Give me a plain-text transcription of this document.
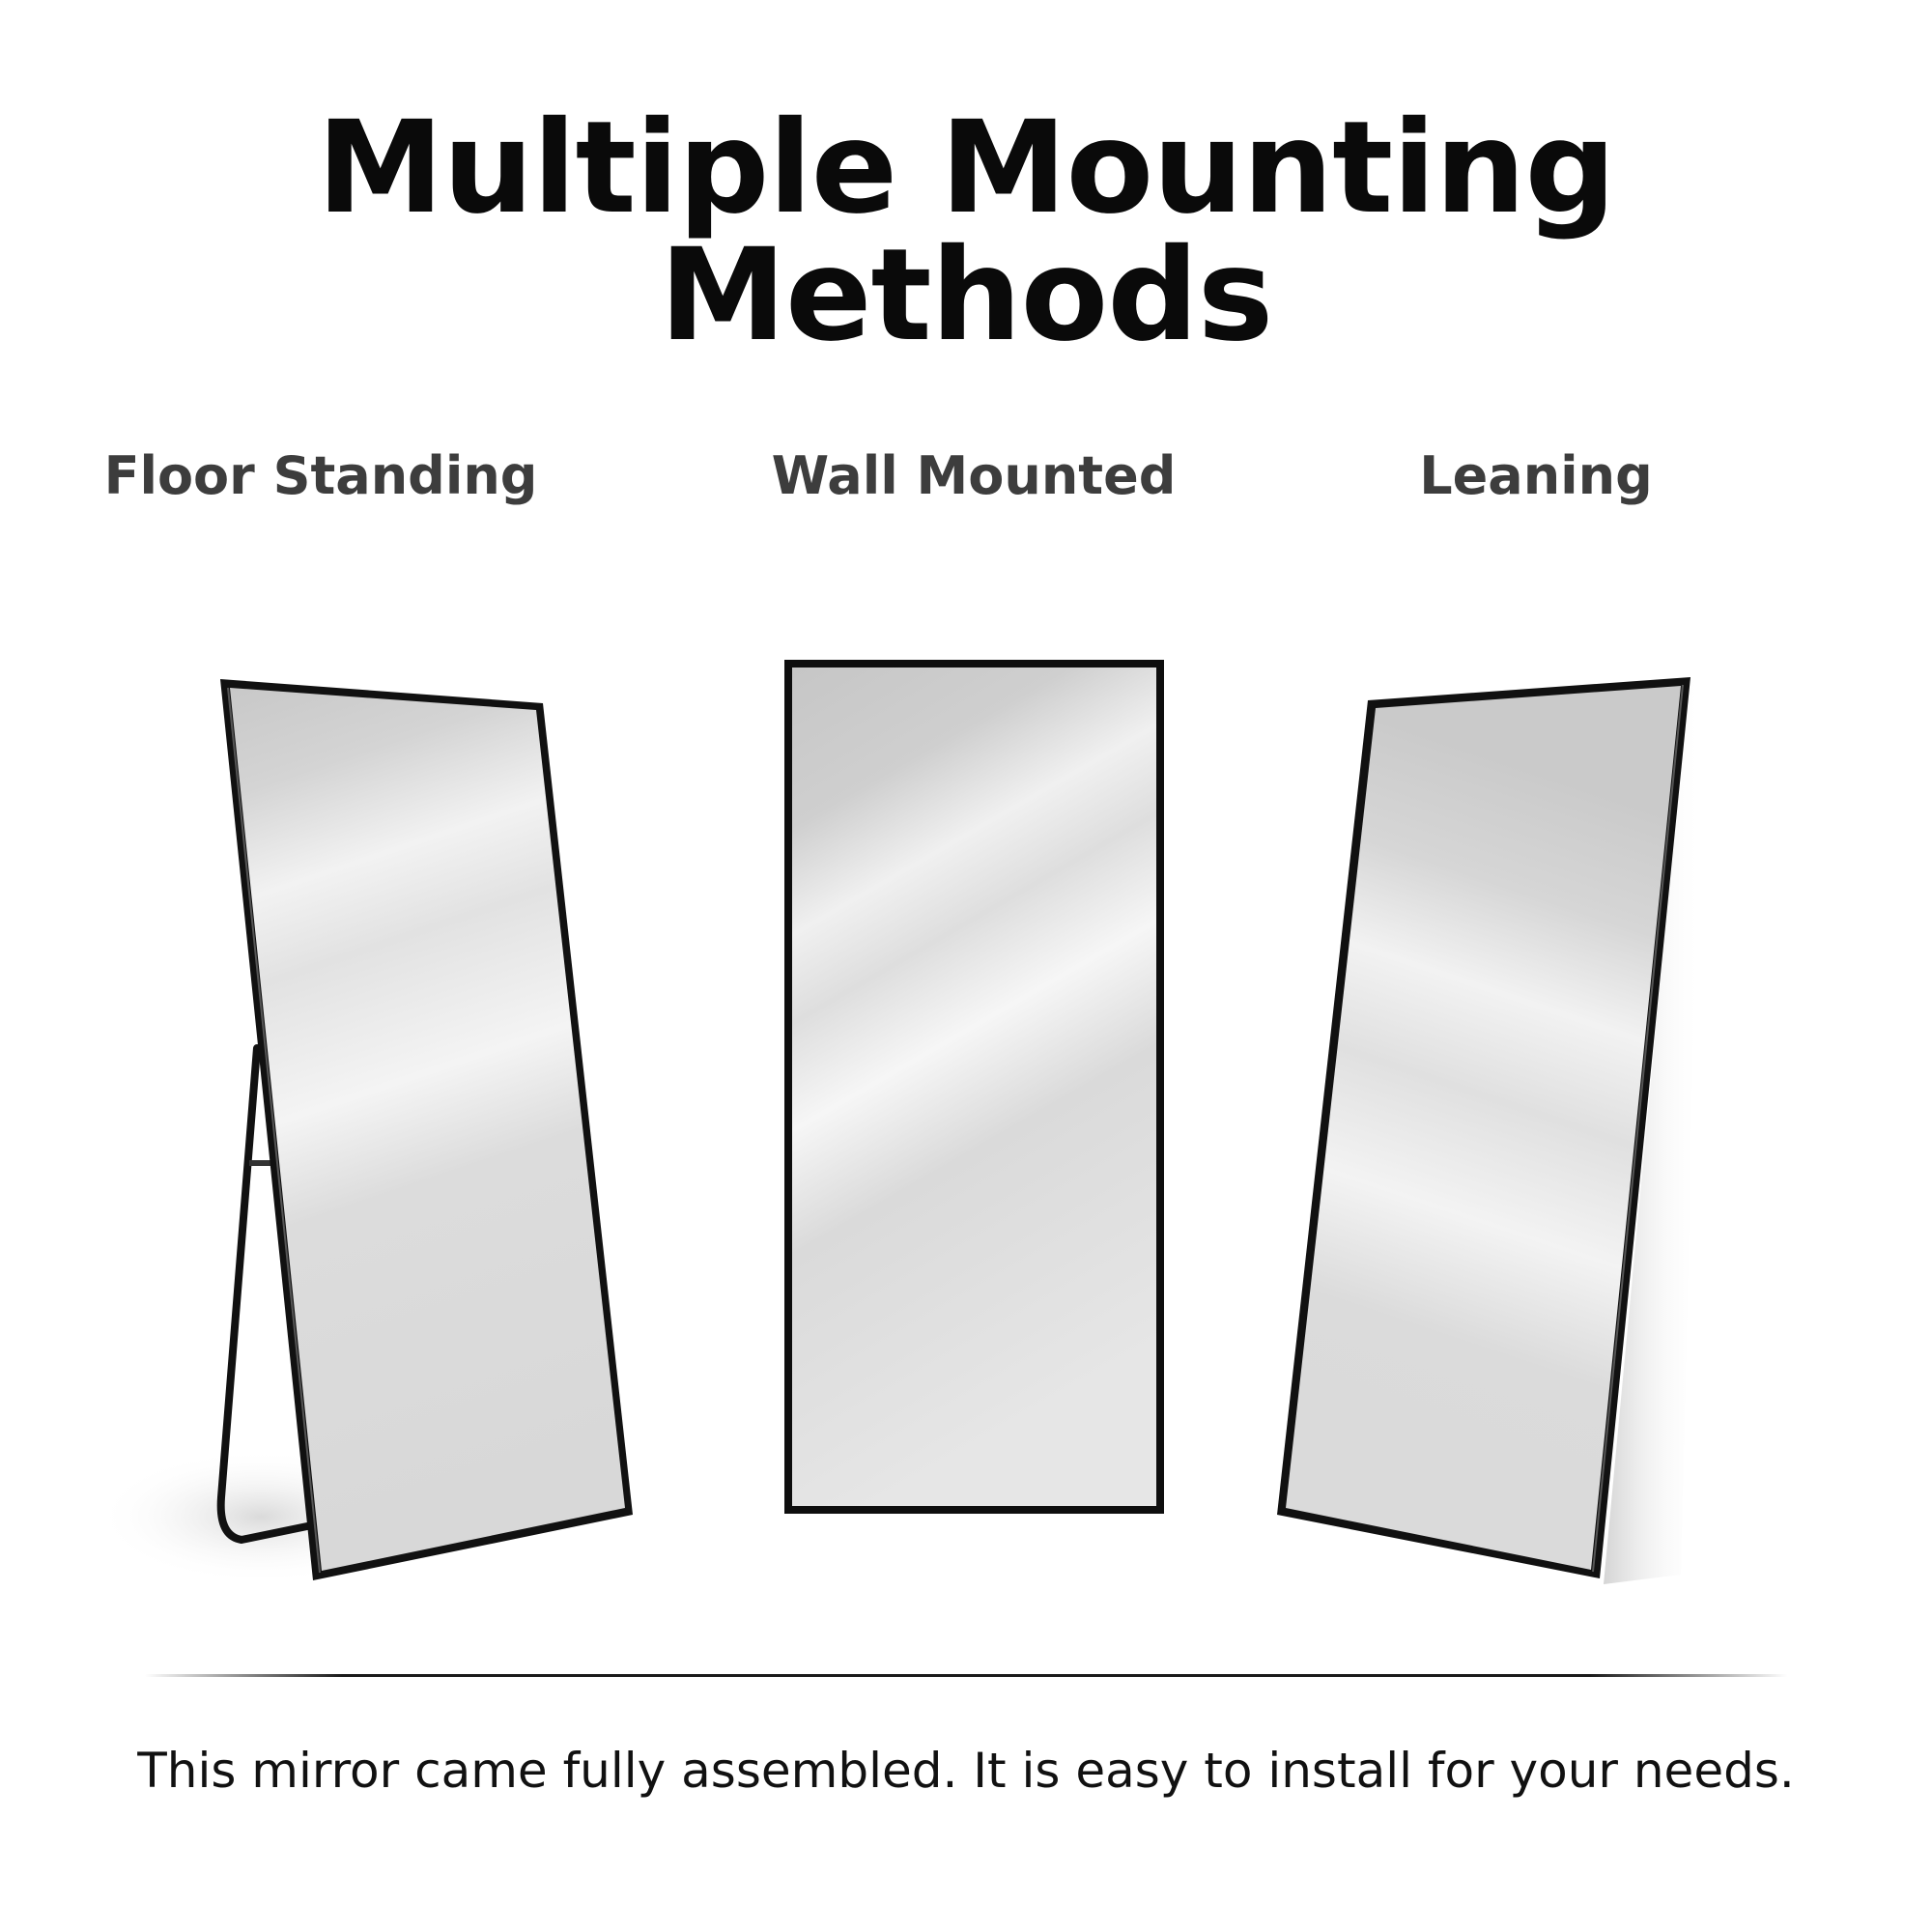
Multiple Mounting Methods
Floor Standing	Wall Mounted	Leaning

This mirror came fully assembled. It is easy to install for your needs.
